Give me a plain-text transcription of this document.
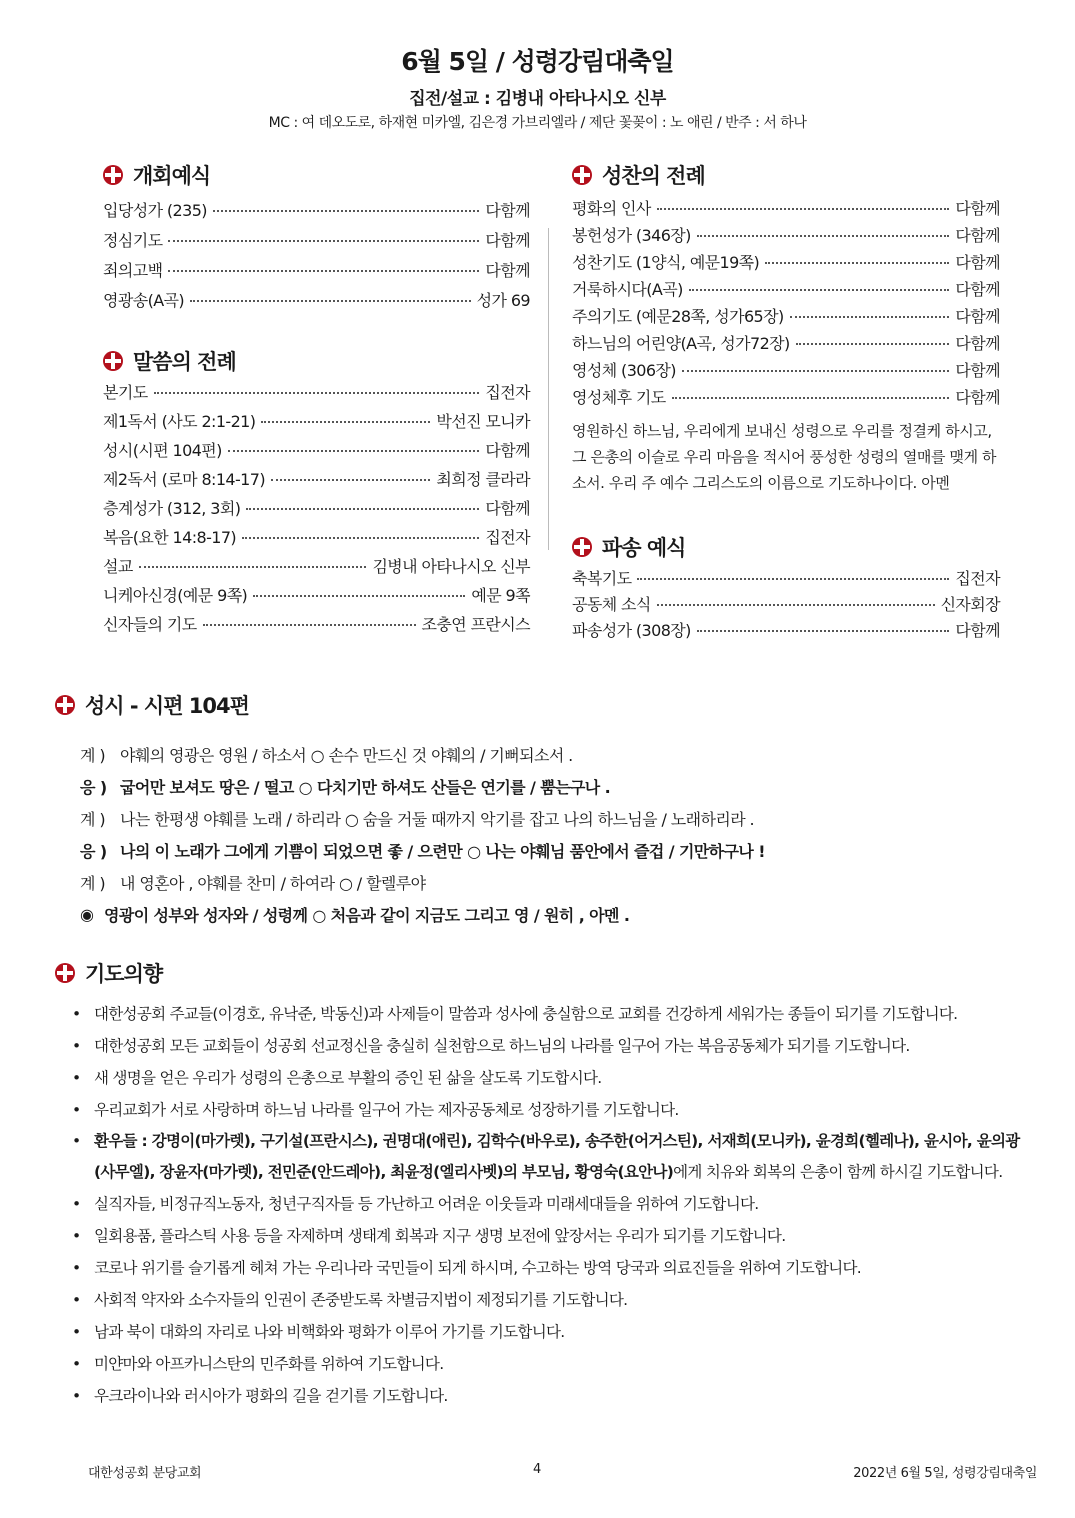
6월 5일 / 성령강림대축일
집전/설교 : 김병내 아타나시오 신부
MC : 여 데오도로, 하재현 미카엘, 김은경 가브리엘라 / 제단 꽃꽂이 : 노 애린 / 반주 : 서 하나
개회예식
입당성가 (235)	다함께
정심기도	다함께
죄의고백	다함께
영광송(A곡)	성가 69
말씀의 전례
본기도	집전자
제1독서 (사도 2:1-21)	박선진 모니카
성시(시편 104편)	다함께
제2독서 (로마 8:14-17)	최희정 클라라
층계성가 (312, 3회)	다함께
복음(요한 14:8-17)	집전자
설교	김병내 아타나시오 신부
니케아신경(예문 9쪽)	예문 9쪽
신자들의 기도	조충연 프란시스
성찬의 전례
평화의 인사	다함께
봉헌성가 (346장)	다함께
성찬기도 (1양식, 예문19쪽)	다함께
거룩하시다(A곡)	다함께
주의기도 (예문28쪽, 성가65장)	다함께
하느님의 어린양(A곡, 성가72장)	다함께
영성체 (306장)	다함께
영성체후 기도	다함께
영원하신 하느님, 우리에게 보내신 성령으로 우리를 정결케 하시고, 그 은총의 이슬로 우리 마음을 적시어 풍성한 성령의 열매를 맺게 하소서. 우리 주 예수 그리스도의 이름으로 기도하나이다. 아멘
파송 예식
축복기도	집전자
공동체 소식	신자회장
파송성가 (308장)	다함께
성시 - 시편 104편
계 ) 야훼의 영광은 영원 / 하소서 ○ 손수 만드신 것 야훼의 / 기뻐되소서 .
응 ) 굽어만 보셔도 땅은 / 떨고 ○ 다치기만 하셔도 산들은 연기를 / 뿜는구나 .
계 ) 나는 한평생 야훼를 노래 / 하리라 ○ 숨을 거둘 때까지 악기를 잡고 나의 하느님을 / 노래하리라 .
응 ) 나의 이 노래가 그에게 기쁨이 되었으면 좋 / 으련만 ○ 나는 야훼님 품안에서 즐겁 / 기만하구나 !
계 ) 내 영혼아 , 야훼를 찬미 / 하여라 ○ / 할렐루야
◉ 영광이 성부와 성자와 / 성령께 ○ 처음과 같이 지금도 그리고 영 / 원히 , 아멘 .
기도의향
• 대한성공회 주교들(이경호, 유낙준, 박동신)과 사제들이 말씀과 성사에 충실함으로 교회를 건강하게 세워가는 종들이 되기를 기도합니다.
• 대한성공회 모든 교회들이 성공회 선교정신을 충실히 실천함으로 하느님의 나라를 일구어 가는 복음공동체가 되기를 기도합니다.
• 새 생명을 얻은 우리가 성령의 은총으로 부활의 증인 된 삶을 살도록 기도합시다.
• 우리교회가 서로 사랑하며 하느님 나라를 일구어 가는 제자공동체로 성장하기를 기도합니다.
• 환우들 : 강명이(마가렛), 구기설(프란시스), 권명대(애린), 김학수(바우로), 송주한(어거스틴), 서재희(모니카), 윤경희(헬레나), 윤시아, 윤의광(사무엘), 장윤자(마가렛), 전민준(안드레아), 최윤정(엘리사벳)의 부모님, 황영숙(요안나)에게 치유와 회복의 은총이 함께 하시길 기도합니다.
• 실직자들, 비정규직노동자, 청년구직자들 등 가난하고 어려운 이웃들과 미래세대들을 위하여 기도합니다.
• 일회용품, 플라스틱 사용 등을 자제하며 생태계 회복과 지구 생명 보전에 앞장서는 우리가 되기를 기도합니다.
• 코로나 위기를 슬기롭게 헤쳐 가는 우리나라 국민들이 되게 하시며, 수고하는 방역 당국과 의료진들을 위하여 기도합니다.
• 사회적 약자와 소수자들의 인권이 존중받도록 차별금지법이 제정되기를 기도합니다.
• 남과 북이 대화의 자리로 나와 비핵화와 평화가 이루어 가기를 기도합니다.
• 미얀마와 아프카니스탄의 민주화를 위하여 기도합니다.
• 우크라이나와 러시아가 평화의 길을 걷기를 기도합니다.
대한성공회 분당교회	4	2022년 6월 5일, 성령강림대축일
